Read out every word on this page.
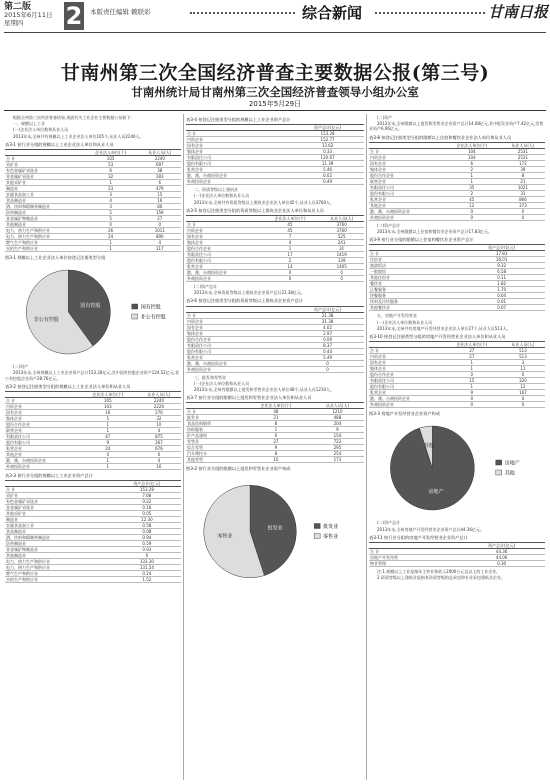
第二版
2015年6月11日
星期四	2 本版责任编辑 赖联彩	综合新闻	甘南日报
甘南州第三次全国经济普查主要数据公报(第三号)
甘南州统计局甘南州第三次全国经济普查领导小组办公室
2015年5月29日

根据全州第三次经济普查结果,现就有关工业企业主要数据公布如下:

一、规模以上工业

(一)企业法人单位数和从业人员

2013年末,全州共有规模以上工业企业法人单位105个,从业人员2240人。

表3-1 按行业分组的规模以上工业企业法人单位和从业人员
	企业法人单位(个)	从业人员(人)
合 计	105	2240
采矿业	53	697
有色金属矿采选业	6	38
非金属矿采选业	32	283
其他采矿业	1	6
制造业	23	479
农副食品加工业	3	15
食品制造业	4	16
酒、饮料和精制茶制造业	3	80
医药制造业	5	159
非金属矿物制品业	5	27
其他制造业	0	0
电力、热力生产和供应业	26	1011
电力、热力生产和供应业	24	890
燃气生产和供应业	1	4
水的生产和供应业	1	117
图3-1 规模以上工业企业法人单位按登记注册类型分组
国有控股
非公有控股
国有控股
非公有控股

(二)资产

2013年末,全州规模以上工业企业资产总计153.28亿元,其中国有控股企业资产124.52亿元,非公有控股企业资产28.76亿元。

表3-2 按登记注册类型分组的规模以上工业企业法人单位和从业人员
	企业法人单位(个)	从业人员(人)
合 计	105	2240
内资企业	103	2220
国有企业	16	276
集体企业	5	32
股份合作企业	1	10
联营企业	1	4
有限责任公司	47	875
股份有限公司	9	267
私营企业	24	676
其他企业	0	0
港、澳、台商投资企业	1	4
外商投资企业	1	16
表3-3 按行业分组的规模以上工业企业资产总计
	资产总计(亿元)
合 计	153.28
采矿业	7.68
有色金属矿采选业	0.22
非金属矿采选业	0.16
其他采矿业	0.05
制造业	12.30
农副食品加工业	0.58
食品制造业	0.08
酒、饮料和精制茶制造业	0.94
医药制造业	0.59
非金属矿物制品业	0.93
其他制造业	0
电力、热力生产和供应业	133.30
电力、热力生产和供应业	131.54
燃气生产和供应业	0.24
水的生产和供应业	1.52
表3-4 按登记注册类型分组的规模以上工业企业资产总计
	资产总计(亿元)
合 计	153.28
内资企业	152.77
国有企业	13.62
集体企业	0.33
有限责任公司	120.67
股份有限公司	11.39
私营企业	5.46
港、澳、台商投资企业	0.02
外商投资企业	0.49

二、资质等级以上建筑业

(一)企业法人单位数和从业人员

2013年末,全州共有资质等级以上建筑业企业法人单位45个,从业人员3760人。

表3-5 按登记注册类型分组的资质等级以上建筑业企业法人单位和从业人员
	企业法人单位(个)	从业人员(人)
合 计	45	3760
内资企业	45	3760
国有企业	7	525
集体企业	4	241
股份合作企业	1	31
有限责任公司	17	1419
股份有限公司	2	139
私营企业	14	1405
港、澳、台商投资企业	0	0
外商投资企业	0	0

(二)资产总计

2013年末,全州资质等级以上建筑业企业资产总计21.38亿元。

表3-6 按登记注册类型分组的资质等级以上建筑业企业资产总计
	资产总计(亿元)
合 计	21.38
内资企业	21.38
国有企业	4.02
集体企业	2.97
股份合作企业	0.09
有限责任公司	8.37
股份有限公司	0.44
私营企业	5.49
港、澳、台商投资企业	0
外商投资企业	0

三、批发和零售业

(一)企业法人单位数和从业人员

2013年末,全州有限额以上批发和零售业企业法人单位48个,从业人员1210人。

表3-7 按行业分组的限额以上批发和零售业企业法人单位和从业人员
	企业法人单位(个)	从业人员(人)
合 计	48	1210
批发业	21	488
食品饮料烟草	8	204
纺织服装	1	9
矿产品建材	6	154
零售业	27	722
综合零售	9	295
汽车摩托车	8	254
其他零售	10	173
图3-2 按行业分组的限额以上批发和零售业企业资产构成
批发业
零售业
批发业
零售业

(二)资产

2013年末,全州限额以上批发和零售业企业资产总计14.08亿元,其中批发业资产7.42亿元,零售业资产6.66亿元。

表3-8 按登记注册类型分组的限额以上住宿和餐饮业企业法人单位和从业人员
	企业法人单位(个)	从业人员(人)
合 计	104	2531
内资企业	104	2531
国有企业	6	172
集体企业	2	39
股份合作企业	1	8
联营企业	1	21
有限责任公司	35	1021
股份有限公司	2	31
私营企业	45	866
其他企业	12	373
港、澳、台商投资企业	0	0
外商投资企业	0	0

(二)资产总计

2013年末,全州限额以上住宿和餐饮业企业资产总计17.83亿元。

表3-9 按行业分组的限额以上住宿和餐饮业企业资产总计
	资产总计(亿元)
合 计	17.83
住宿业	16.01
旅游饭店	9.32
一般旅馆	6.58
其他住宿业	0.11
餐饮业	1.82
正餐服务	1.70
快餐服务	0.04
饮料及冷饮服务	0.01
其他餐饮业	0.07

五、房地产开发经营业

(一)企业法人单位数和从业人员

2013年末,全州共有房地产开发经营业企业法人单位27个,从业人员513人。

表3-10 按登记注册类型分组的房地产开发经营业企业法人单位和从业人员
	企业法人单位(个)	从业人员(人)
合 计	27	513
内资企业	27	513
国有企业	1	3
集体企业	1	11
股份合作企业	0	0
有限责任公司	15	320
股份有限公司	1	12
私营企业	9	167
港、澳、台商投资企业	0	0
外商投资企业	0	0
图3-3 房地产开发经营业企业资产构成
房地产
其他
房地产
其他

(二)资产总计

2013年末,全州房地产开发经营业企业资产总计44.36亿元。

表3-11 按行业分组的房地产开发经营业企业资产总计
	资产总计(亿元)
合 计	44.36
房地产开发经营	44.06
物业管理	0.30

注:1.规模以上工业是指年主营业务收入2000万元及以上的工业企业。

2.资质等级以上建筑业是指有资质等级的总承包和专业承包建筑业企业。
